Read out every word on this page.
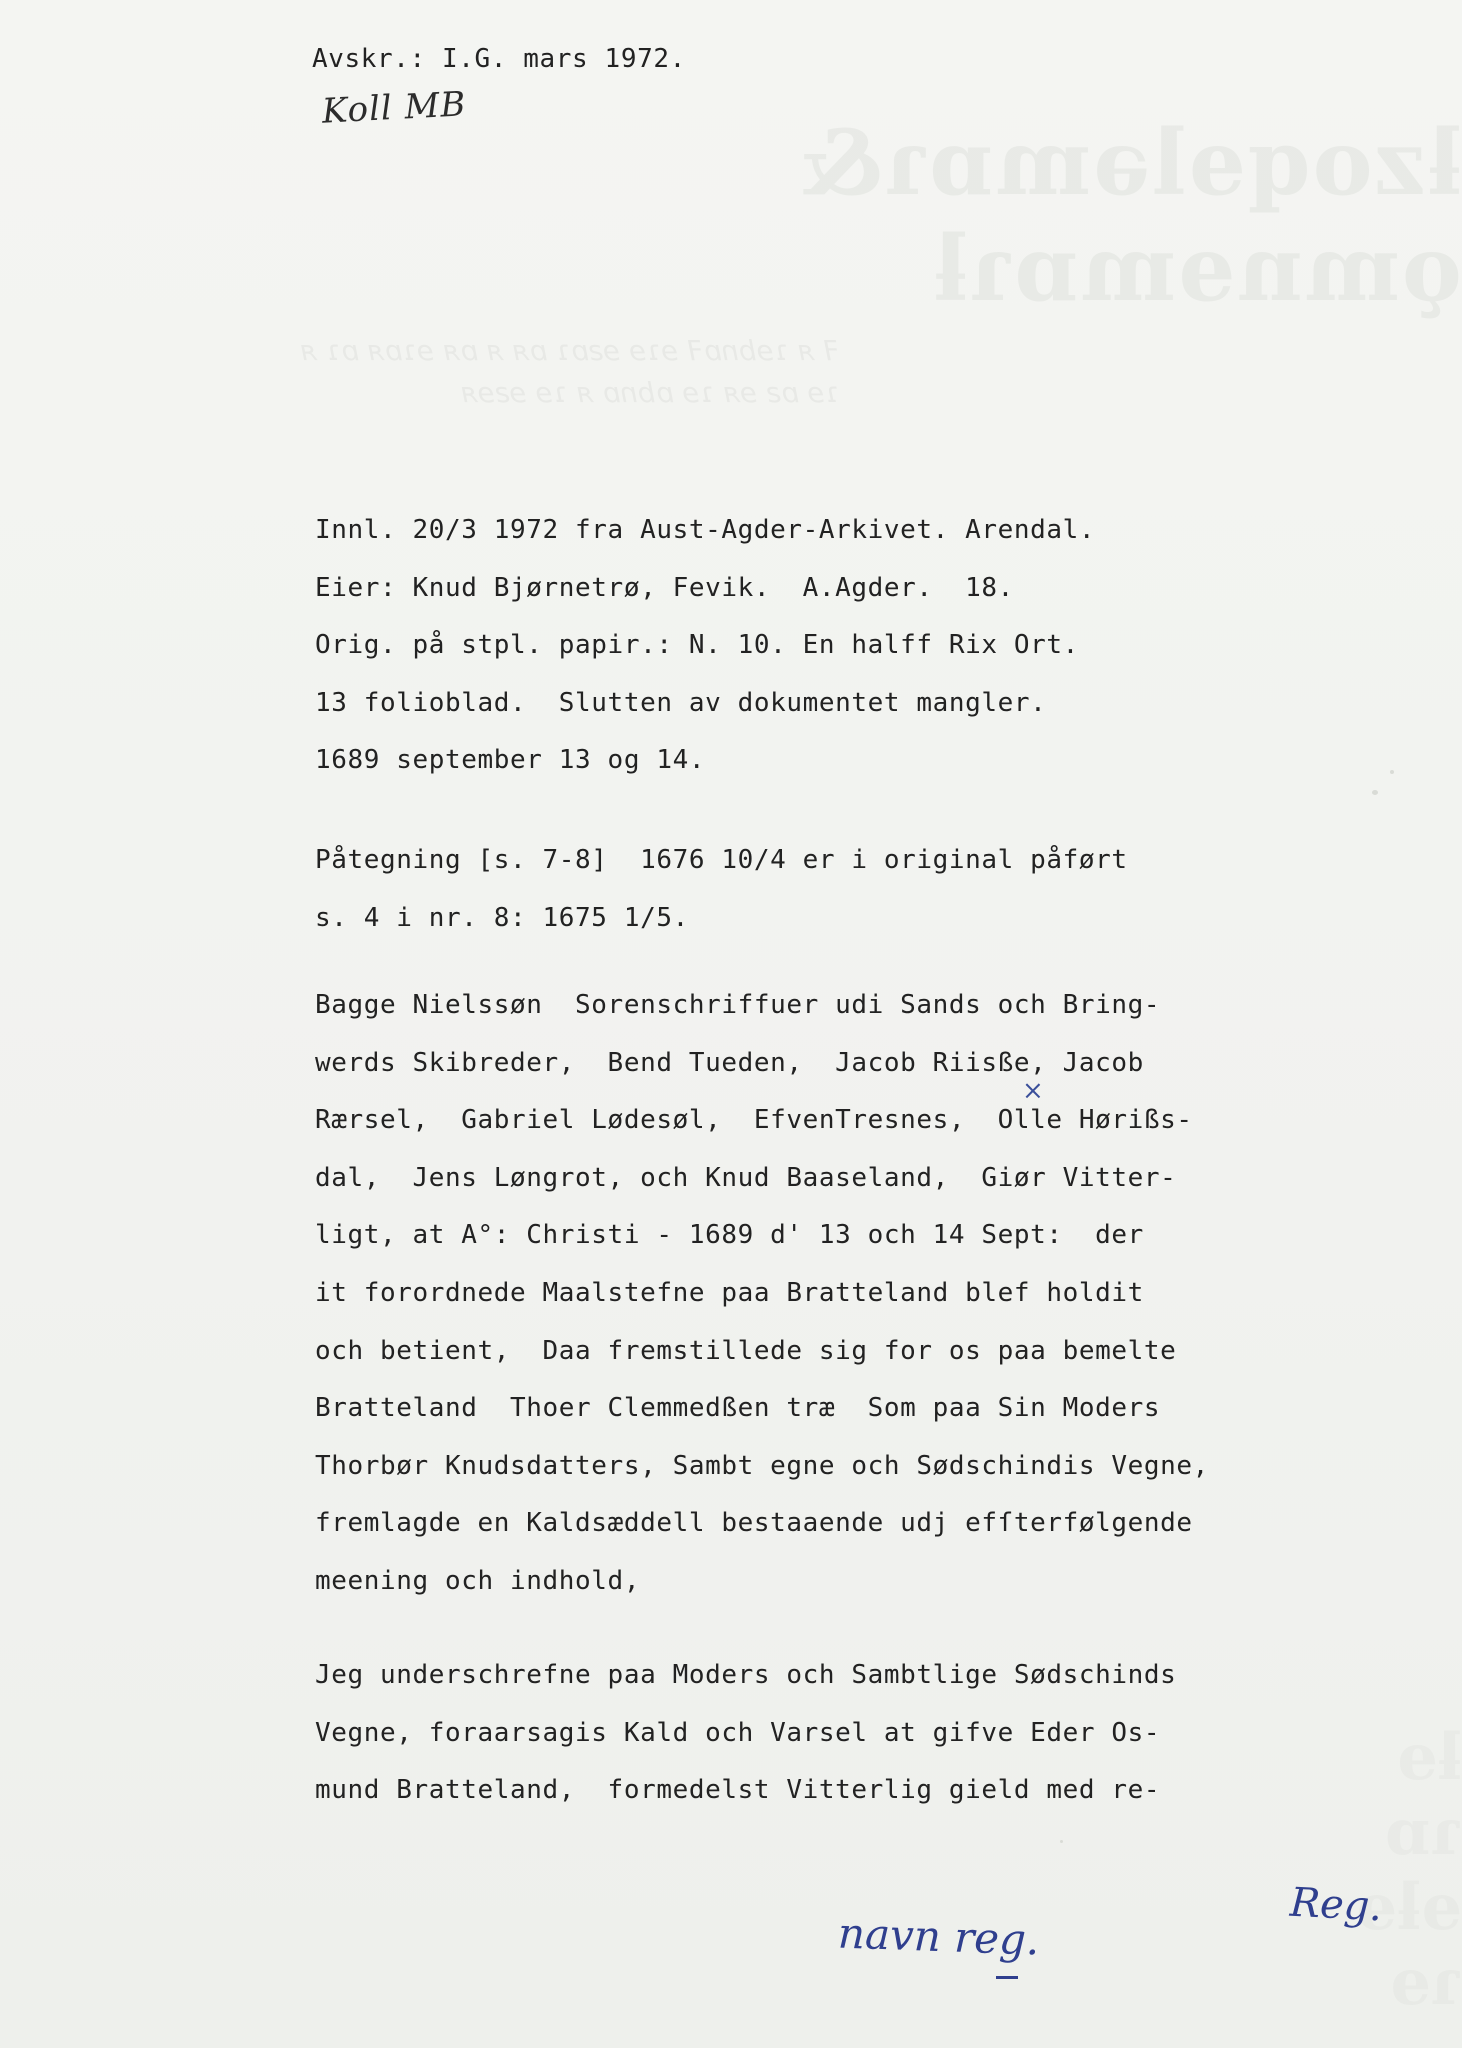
ƚzoqɘlǝmɒɿ& ǫmnɘmɒɿƚ
ꟻ ᴙ ɿɘbnɒꟻ ɘɿɘ ɘƨɒɿ ɒᴙ ᴙ ɒᴙ ɘɿɒᴙ ɒɿ ᴙ
ɿɘ ɒƨ ɘᴙ ɿɘ ɒbnɒ ᴙ ɿɘ ɘƨɘᴙ
ƚɘ ɿɒ ɘƚɘ ɿɘ
Avskr.: I.G. mars 1972.
Koll MB
Innl. 20/3 1972 fra Aust-Agder-Arkivet. Arendal.
Eier: Knud Bjørnetrø, Fevik.  A.Agder.  18.
Orig. på stpl. papir.: N. 10. En halff Rix Ort.
13 folioblad.  Slutten av dokumentet mangler.
1689 september 13 og 14.
Påtegning [s. 7-8]  1676 10/4 er i original påført
s. 4 i nr. 8: 1675 1/5.
×
Bagge Nielssøn  Sorenschriffuer udi Sands och Bring-
werds Skibreder,  Bend Tueden,  Jacob Riisße, Jacob
Rærsel,  Gabriel Lødesøl,  EfvenTresnes,  Olle Hørißs-
dal,  Jens Løngrot, och Knud Baaseland,  Giør Vitter-
ligt, at A°: Christi - 1689 d' 13 och 14 Sept:  der
it forordnede Maalstefne paa Bratteland blef holdit
och betient,  Daa fremstillede sig for os paa bemelte
Bratteland  Thoer Clemmedßen træ  Som paa Sin Moders
Thorbør Knudsdatters, Sambt egne och Sødschindis Vegne,
fremlagde en Kaldsæddell bestaaende udj efſterfølgende
meening och indhold,
Jeg underschrefne paa Moders och Sambtlige Sødschinds
Vegne, foraarsagis Kald och Varsel at gifve Eder Os-
mund Bratteland,  formedelst Vitterlig gield med re-
navn reg.
Reg.
